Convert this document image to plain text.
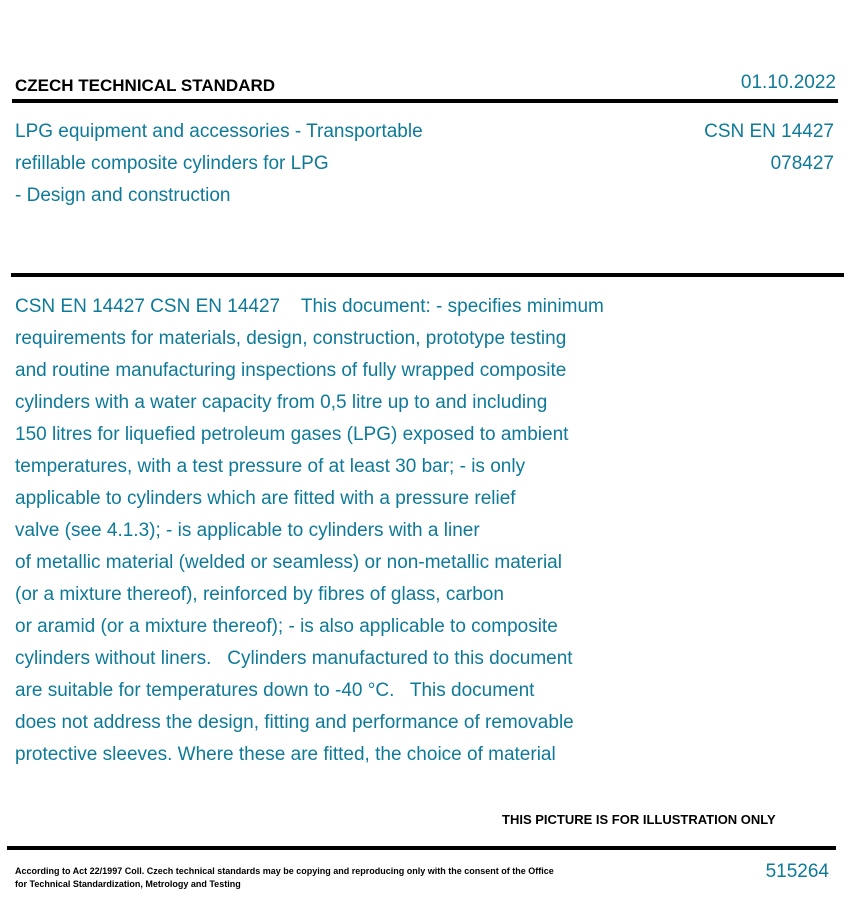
CZECH TECHNICAL STANDARD	01.10.2022
LPG equipment and accessories - Transportable
refillable composite cylinders for LPG
- Design and construction
CSN EN 14427
078427
CSN EN 14427 CSN EN 14427    This document: - specifies minimum
requirements for materials, design, construction, prototype testing
and routine manufacturing inspections of fully wrapped composite
cylinders with a water capacity from 0,5 litre up to and including
150 litres for liquefied petroleum gases (LPG) exposed to ambient
temperatures, with a test pressure of at least 30 bar; - is only
applicable to cylinders which are fitted with a pressure relief
valve (see 4.1.3); - is applicable to cylinders with a liner
of metallic material (welded or seamless) or non-metallic material
(or a mixture thereof), reinforced by fibres of glass, carbon
or aramid (or a mixture thereof); - is also applicable to composite
cylinders without liners.   Cylinders manufactured to this document
are suitable for temperatures down to -40 °C.   This document
does not address the design, fitting and performance of removable
protective sleeves. Where these are fitted, the choice of material
THIS PICTURE IS FOR ILLUSTRATION ONLY
According to Act 22/1997 Coll. Czech technical standards may be copying and reproducing only with the consent of the Office
for Technical Standardization, Metrology and Testing
515264
